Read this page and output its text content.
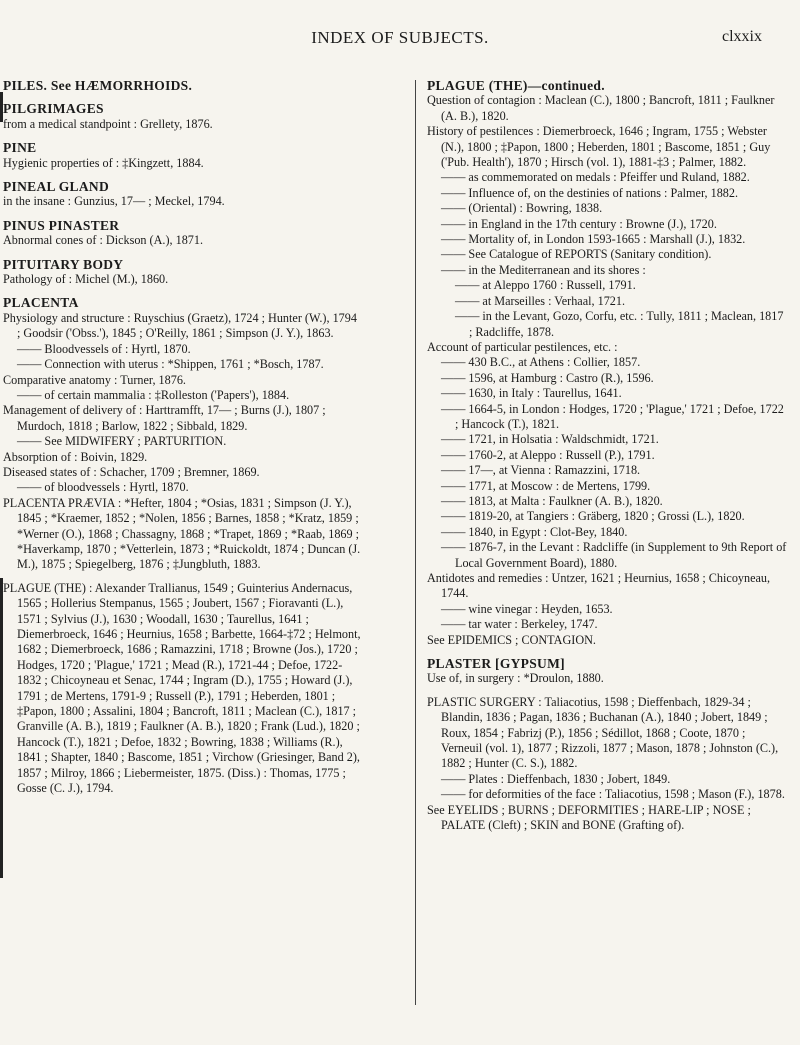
INDEX OF SUBJECTS.	clxxix
PILES. See HÆMORRHOIDS.
PILGRIMAGES
from a medical standpoint : Grellety, 1876.
PINE
Hygienic properties of : ‡Kingzett, 1884.
PINEAL GLAND
in the insane : Gunzius, 17— ; Meckel, 1794.
PINUS PINASTER
Abnormal cones of : Dickson (A.), 1871.
PITUITARY BODY
Pathology of : Michel (M.), 1860.
PLACENTA
Physiology and structure : Ruyschius (Graetz), 1724 ; Hunter (W.), 1794 ; Goodsir ('Obss.'), 1845 ; O'Reilly, 1861 ; Simpson (J. Y.), 1863.
—— Bloodvessels of : Hyrtl, 1870.
—— Connection with uterus : *Shippen, 1761 ; *Bosch, 1787.
Comparative anatomy : Turner, 1876.
—— of certain mammalia : ‡Rolleston ('Papers'), 1884.
Management of delivery of : Harttramfft, 17— ; Burns (J.), 1807 ; Murdoch, 1818 ; Barlow, 1822 ; Sibbald, 1829.
—— See MIDWIFERY ; PARTURITION.
Absorption of : Boivin, 1829.
Diseased states of : Schacher, 1709 ; Bremner, 1869.
—— of bloodvessels : Hyrtl, 1870.
PLACENTA PRÆVIA : *Hefter, 1804 ; *Osias, 1831 ; Simpson (J. Y.), 1845 ; *Kraemer, 1852 ; *Nolen, 1856 ; Barnes, 1858 ; *Kratz, 1859 ; *Werner (O.), 1868 ; Chassagny, 1868 ; *Trapet, 1869 ; *Raab, 1869 ; *Haverkamp, 1870 ; *Vetterlein, 1873 ; *Ruickoldt, 1874 ; Duncan (J. M.), 1875 ; Spiegelberg, 1876 ; ‡Jungbluth, 1883.
PLAGUE (THE) : Alexander Trallianus, 1549 ; Guinterius Andernacus, 1565 ; Hollerius Stempanus, 1565 ; Joubert, 1567 ; Fioravanti (L.), 1571 ; Sylvius (J.), 1630 ; Woodall, 1630 ; Taurellus, 1641 ; Diemerbroeck, 1646 ; Heurnius, 1658 ; Barbette, 1664-‡72 ; Helmont, 1682 ; Diemerbroeck, 1686 ; Ramazzini, 1718 ; Browne (Jos.), 1720 ; Hodges, 1720 ; 'Plague,' 1721 ; Mead (R.), 1721-44 ; Defoe, 1722-1832 ; Chicoyneau et Senac, 1744 ; Ingram (D.), 1755 ; Howard (J.), 1791 ; de Mertens, 1791-9 ; Russell (P.), 1791 ; Heberden, 1801 ; ‡Papon, 1800 ; Assalini, 1804 ; Bancroft, 1811 ; Maclean (C.), 1817 ; Granville (A. B.), 1819 ; Faulkner (A. B.), 1820 ; Frank (Lud.), 1820 ; Hancock (T.), 1821 ; Defoe, 1832 ; Bowring, 1838 ; Williams (R.), 1841 ; Shapter, 1840 ; Bascome, 1851 ; Virchow (Griesinger, Band 2), 1857 ; Milroy, 1866 ; Liebermeister, 1875. (Diss.) : Thomas, 1775 ; Gosse (C. J.), 1794.
PLAGUE (THE)—continued.
Question of contagion : Maclean (C.), 1800 ; Bancroft, 1811 ; Faulkner (A. B.), 1820.
History of pestilences : Diemerbroeck, 1646 ; Ingram, 1755 ; Webster (N.), 1800 ; ‡Papon, 1800 ; Heberden, 1801 ; Bascome, 1851 ; Guy ('Pub. Health'), 1870 ; Hirsch (vol. 1), 1881-‡3 ; Palmer, 1882.
—— as commemorated on medals : Pfeiffer und Ruland, 1882.
—— Influence of, on the destinies of nations : Palmer, 1882.
—— (Oriental) : Bowring, 1838.
—— in England in the 17th century : Browne (J.), 1720.
—— Mortality of, in London 1593-1665 : Marshall (J.), 1832.
—— See Catalogue of REPORTS (Sanitary condition).
—— in the Mediterranean and its shores :
—— at Aleppo 1760 : Russell, 1791.
—— at Marseilles : Verhaal, 1721.
—— in the Levant, Gozo, Corfu, etc. : Tully, 1811 ; Maclean, 1817 ; Radcliffe, 1878.
Account of particular pestilences, etc. :
—— 430 B.C., at Athens : Collier, 1857.
—— 1596, at Hamburg : Castro (R.), 1596.
—— 1630, in Italy : Taurellus, 1641.
—— 1664-5, in London : Hodges, 1720 ; 'Plague,' 1721 ; Defoe, 1722 ; Hancock (T.), 1821.
—— 1721, in Holsatia : Waldschmidt, 1721.
—— 1760-2, at Aleppo : Russell (P.), 1791.
—— 17—, at Vienna : Ramazzini, 1718.
—— 1771, at Moscow : de Mertens, 1799.
—— 1813, at Malta : Faulkner (A. B.), 1820.
—— 1819-20, at Tangiers : Gräberg, 1820 ; Grossi (L.), 1820.
—— 1840, in Egypt : Clot-Bey, 1840.
—— 1876-7, in the Levant : Radcliffe (in Supplement to 9th Report of Local Government Board), 1880.
Antidotes and remedies : Untzer, 1621 ; Heurnius, 1658 ; Chicoyneau, 1744.
—— wine vinegar : Heyden, 1653.
—— tar water : Berkeley, 1747.
See EPIDEMICS ; CONTAGION.
PLASTER [GYPSUM]
Use of, in surgery : *Droulon, 1880.
PLASTIC SURGERY : Taliacotius, 1598 ; Dieffenbach, 1829-34 ; Blandin, 1836 ; Pagan, 1836 ; Buchanan (A.), 1840 ; Jobert, 1849 ; Roux, 1854 ; Fabrizj (P.), 1856 ; Sédillot, 1868 ; Coote, 1870 ; Verneuil (vol. 1), 1877 ; Rizzoli, 1877 ; Mason, 1878 ; Johnston (C.), 1882 ; Hunter (C. S.), 1882.
—— Plates : Dieffenbach, 1830 ; Jobert, 1849.
—— for deformities of the face : Taliacotius, 1598 ; Mason (F.), 1878.
See EYELIDS ; BURNS ; DEFORMITIES ; HARE-LIP ; NOSE ; PALATE (Cleft) ; SKIN and BONE (Grafting of).
